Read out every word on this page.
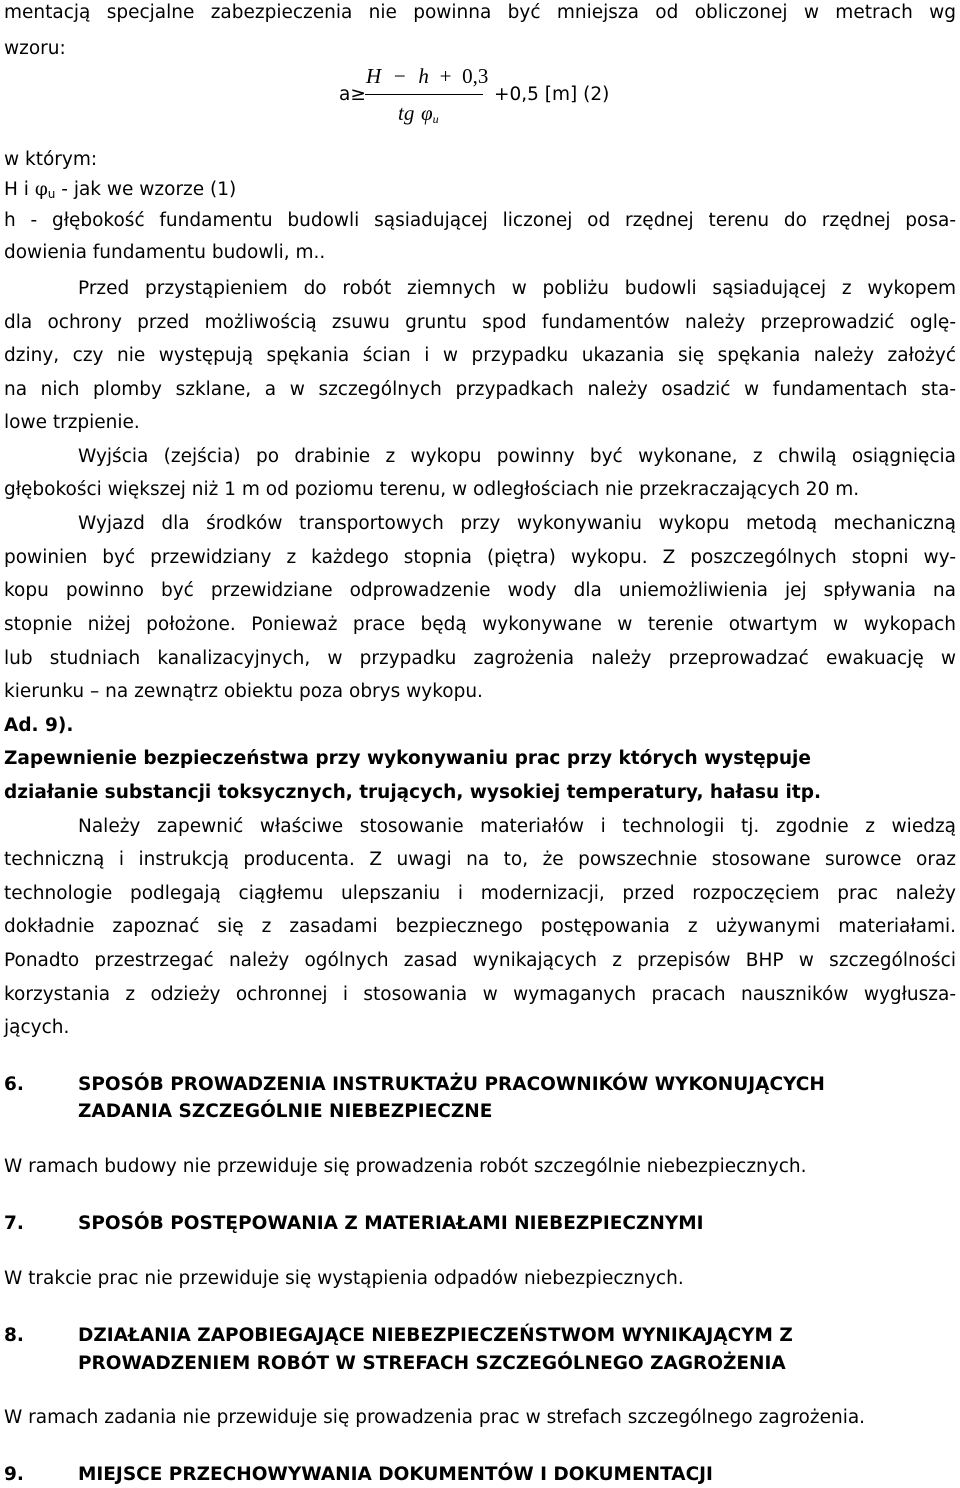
mentacją specjalne zabezpieczenia nie powinna być mniejsza od obliczonej w metrach wg
wzoru:
a≥
H − h + 0,3
tg $\varphi_u$
+0,5 [m] (2)
w którym:
H i $\varphi_u$ - jak we wzorze (1)
h - głębokość fundamentu budowli sąsiadującej liczonej od rzędnej terenu do rzędnej posa-
dowienia fundamentu budowli, m..
Przed przystąpieniem do robót ziemnych w pobliżu budowli sąsiadującej z wykopem
dla ochrony przed możliwością zsuwu gruntu spod fundamentów należy przeprowadzić oglę-
dziny, czy nie występują spękania ścian i w przypadku ukazania się spękania należy założyć
na nich plomby szklane, a w szczególnych przypadkach należy osadzić w fundamentach sta-
lowe trzpienie.
Wyjścia (zejścia) po drabinie z wykopu powinny być wykonane, z chwilą osiągnięcia
głębokości większej niż 1 m od poziomu terenu, w odległościach nie przekraczających 20 m.
Wyjazd dla środków transportowych przy wykonywaniu wykopu metodą mechaniczną
powinien być przewidziany z każdego stopnia (piętra) wykopu. Z poszczególnych stopni wy-
kopu powinno być przewidziane odprowadzenie wody dla uniemożliwienia jej spływania na
stopnie niżej położone. Ponieważ prace będą wykonywane w terenie otwartym w wykopach
lub studniach kanalizacyjnych, w przypadku zagrożenia należy przeprowadzać ewakuację w
kierunku – na zewnątrz obiektu poza obrys wykopu.
Ad. 9).
Zapewnienie bezpieczeństwa przy wykonywaniu prac przy których występuje
działanie substancji toksycznych, trujących, wysokiej temperatury, hałasu itp.
Należy zapewnić właściwe stosowanie materiałów i technologii tj. zgodnie z wiedzą
techniczną i instrukcją producenta. Z uwagi na to, że powszechnie stosowane surowce oraz
technologie podlegają ciągłemu ulepszaniu i modernizacji, przed rozpoczęciem prac należy
dokładnie zapoznać się z zasadami bezpiecznego postępowania z używanymi materiałami.
Ponadto przestrzegać należy ogólnych zasad wynikających z przepisów BHP w szczególności
korzystania z odzieży ochronnej i stosowania w wymaganych pracach nauszników wygłusza-
jących.
6.	SPOSÓB PROWADZENIA INSTRUKTAŻU PRACOWNIKÓW WYKONUJĄCYCH
ZADANIA SZCZEGÓLNIE NIEBEZPIECZNE
W ramach budowy nie przewiduje się prowadzenia robót szczególnie niebezpiecznych.
7.	SPOSÓB POSTĘPOWANIA Z MATERIAŁAMI NIEBEZPIECZNYMI
W trakcie prac nie przewiduje się wystąpienia odpadów niebezpiecznych.
8.	DZIAŁANIA ZAPOBIEGAJĄCE NIEBEZPIECZEŃSTWOM WYNIKAJĄCYM Z
PROWADZENIEM ROBÓT W STREFACH SZCZEGÓLNEGO ZAGROŻENIA
W ramach zadania nie przewiduje się prowadzenia prac w strefach szczególnego zagrożenia.
9.	MIEJSCE PRZECHOWYWANIA DOKUMENTÓW I DOKUMENTACJI
